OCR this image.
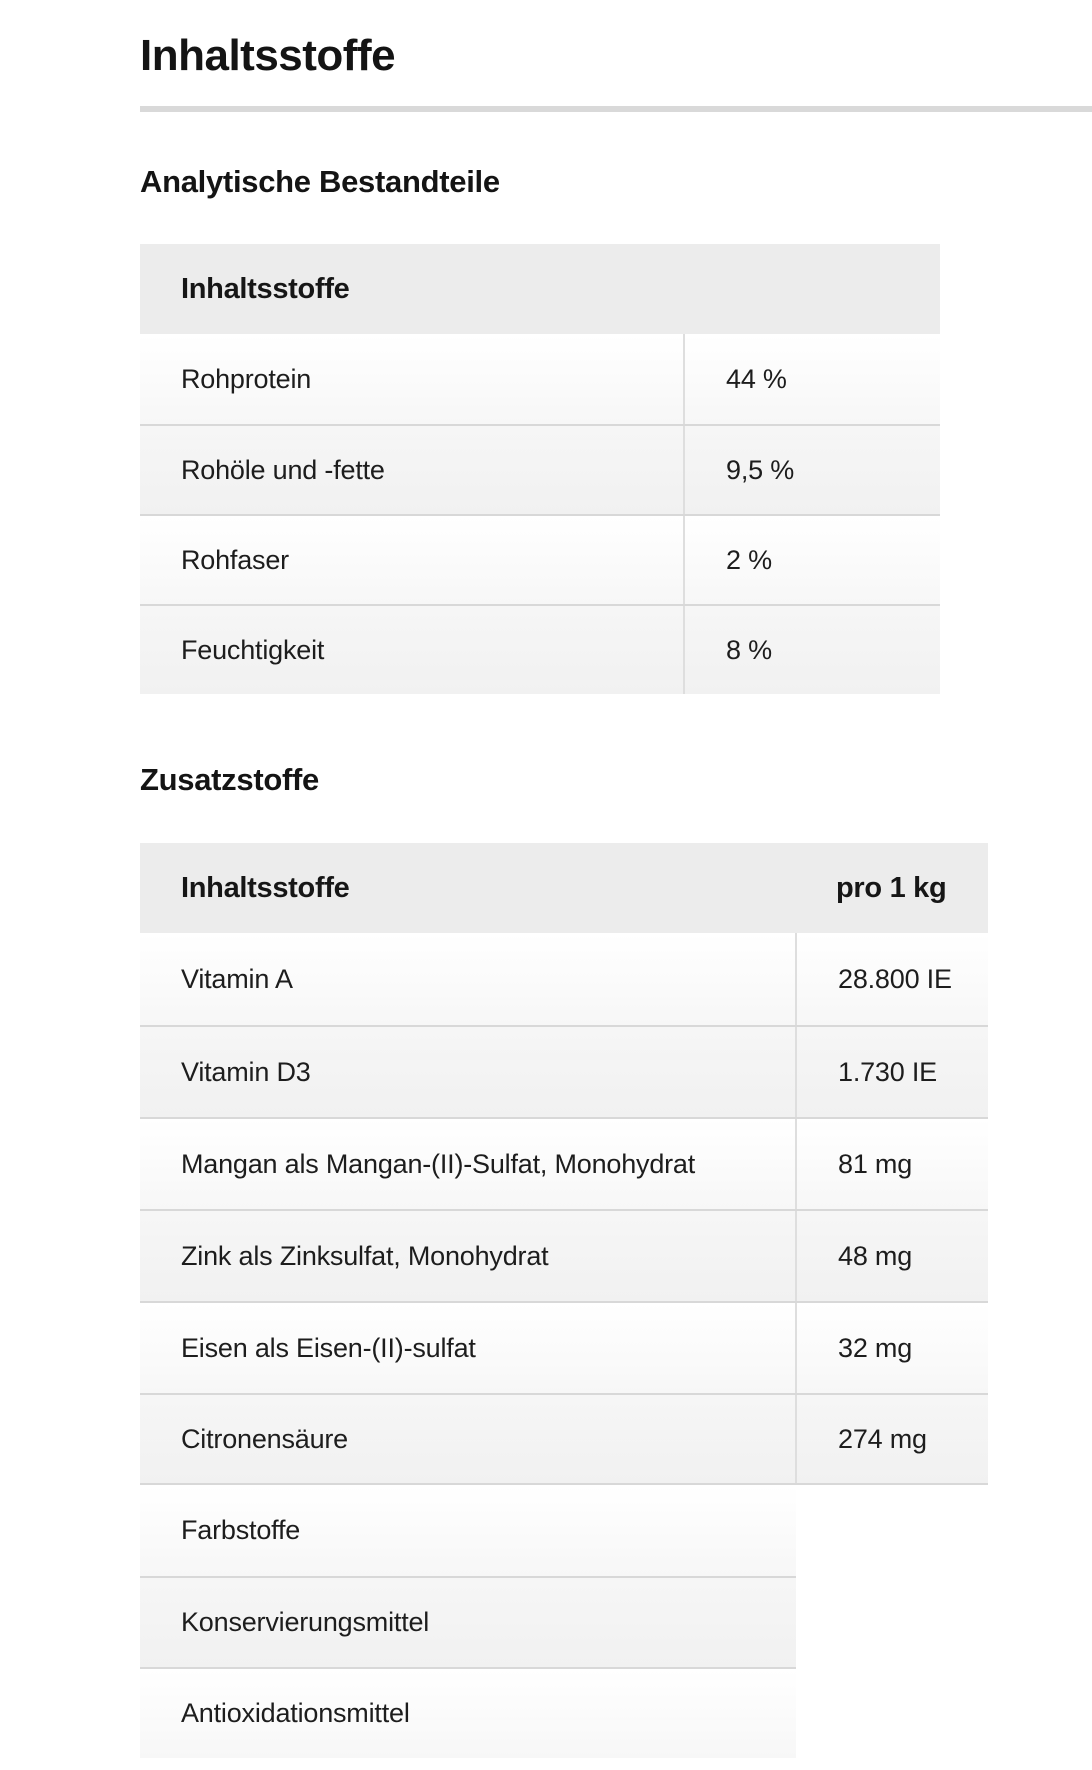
Inhaltsstoffe
Analytische Bestandteile
Inhaltsstoffe
Rohprotein	44 %
Rohöle und -fette	9,5 %
Rohfaser	2 %
Feuchtigkeit	8 %
Zusatzstoffe
Inhaltsstoffe	pro 1 kg
Vitamin A	28.800 IE
Vitamin D3	1.730 IE
Mangan als Mangan-(II)-Sulfat, Monohydrat	81 mg
Zink als Zinksulfat, Monohydrat	48 mg
Eisen als Eisen-(II)-sulfat	32 mg
Citronensäure	274 mg
Farbstoffe
Konservierungsmittel
Antioxidationsmittel
